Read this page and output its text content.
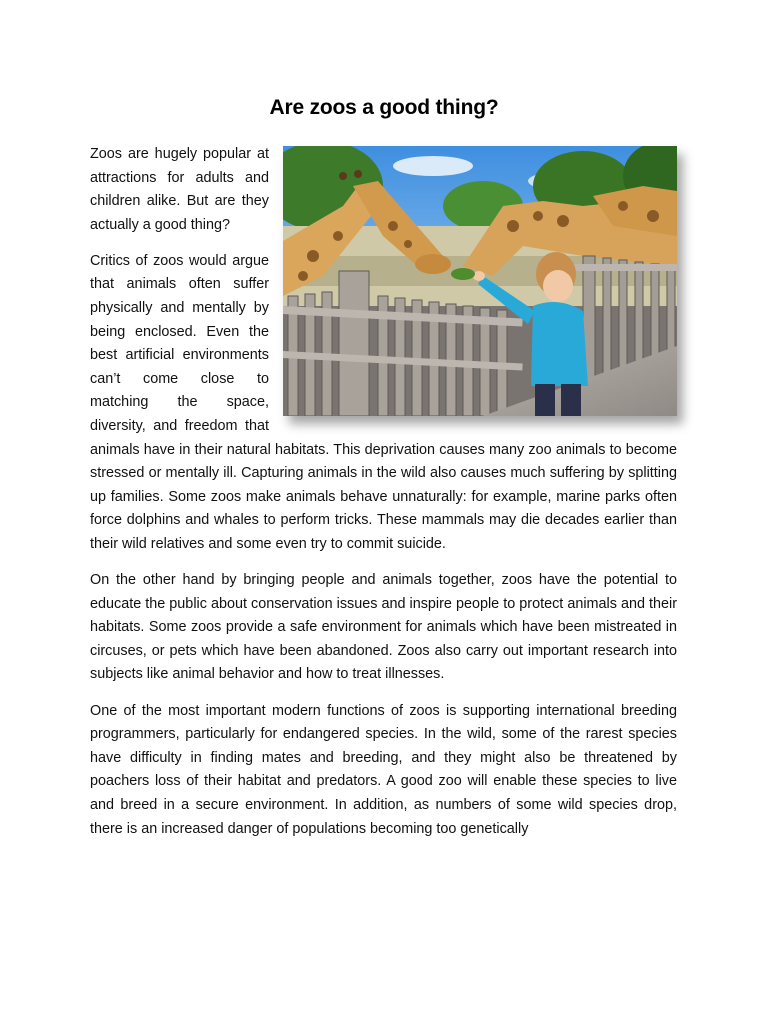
Are zoos a good thing?

Zoos are hugely popular at attractions for adults and children alike. But are they actually a good thing?

Critics of zoos would argue that animals often suffer physically and mentally by being enclosed. Even the best artificial environments can’t come close to matching the space, diversity, and freedom that animals have in their natural habitats. This deprivation causes many zoo animals to become stressed or mentally ill. Capturing animals in the wild also causes much suffering by splitting up families. Some zoos make animals behave unnaturally: for example, marine parks often force dolphins and whales to perform tricks. These mammals may die decades earlier than their wild relatives and some even try to commit suicide.

On the other hand by bringing people and animals together, zoos have the potential to educate the public about conservation issues and inspire people to protect animals and their habitats. Some zoos provide a safe environment for animals which have been mistreated in circuses, or pets which have been abandoned. Zoos also carry out important research into subjects like animal behavior and how to treat illnesses.

One of the most important modern functions of zoos is supporting international breeding programmers, particularly for endangered species. In the wild, some of the rarest species have difficulty in finding mates and breeding, and they might also be threatened by poachers loss of their habitat and predators. A good zoo will enable these species to live and breed in a secure environment. In addition, as numbers of some wild species drop, there is an increased danger of populations becoming too genetically
